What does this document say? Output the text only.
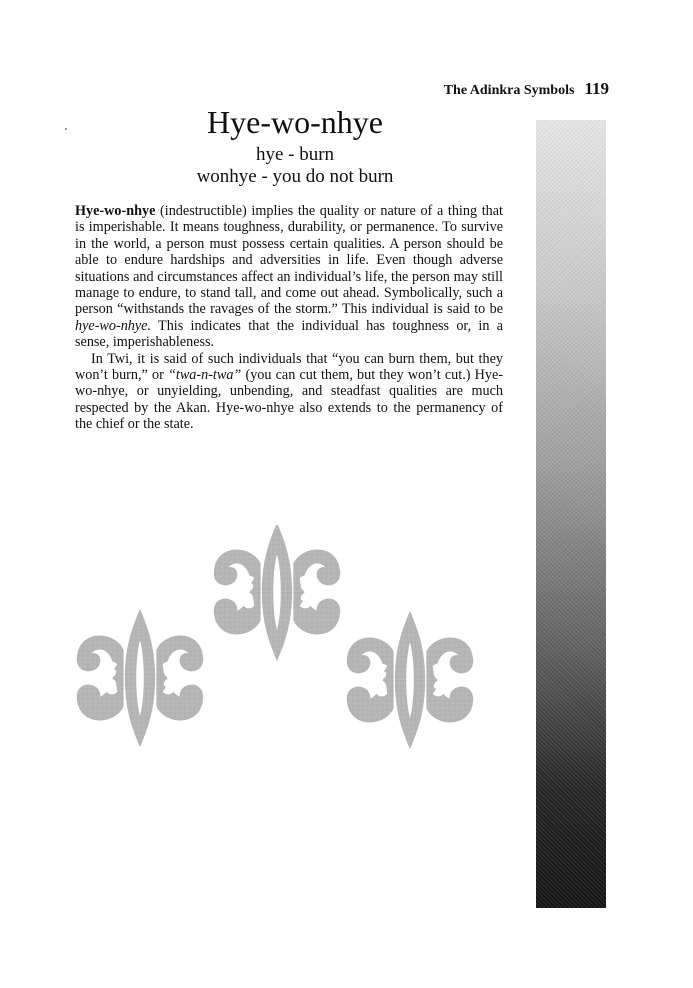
The Adinkra Symbols 119
Hye-wo-nhye
hye - burn
wonhye - you do not burn

Hye-wo-nhye (indestructible) implies the quality or nature of a thing that is imperishable. It means toughness, durability, or permanence. To survive in the world, a person must possess certain qualities. A person should be able to endure hardships and adversities in life. Even though adverse situations and circumstances affect an individual’s life, the person may still manage to endure, to stand tall, and come out ahead. Symbolically, such a person “withstands the ravages of the storm.” This individual is said to be hye-wo-nhye. This indicates that the individual has toughness or, in a sense, imperishableness.

In Twi, it is said of such individuals that “you can burn them, but they won’t burn,” or “twa-n-twa” (you can cut them, but they won’t cut.) Hye-wo-nhye, or unyielding, unbending, and steadfast qualities are much respected by the Akan. Hye-wo-nhye also extends to the permanency of the chief or the state.
